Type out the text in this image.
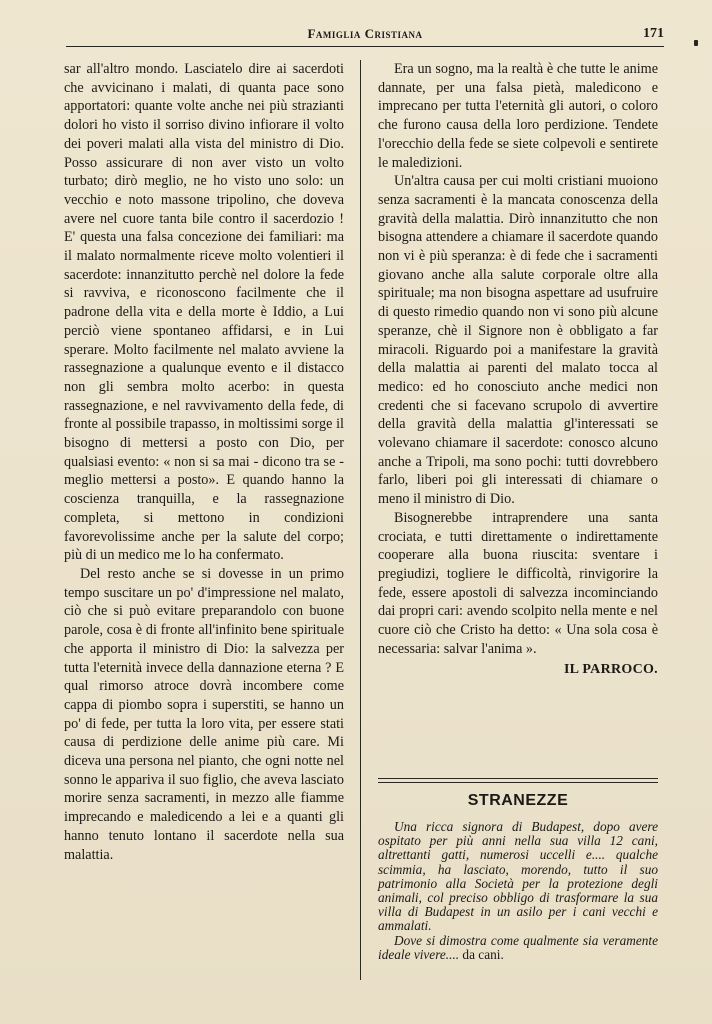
Famiglia Cristiana	171

sar all'altro mondo. Lasciatelo dire ai sacerdoti che avvicinano i malati, di quanta pace sono apportatori: quante volte anche nei più strazianti dolori ho visto il sorriso divino infiorare il volto dei poveri malati alla vista del ministro di Dio. Posso assicurare di non aver visto un volto turbato; dirò meglio, ne ho visto uno solo: un vecchio e noto massone tripolino, che doveva avere nel cuore tanta bile contro il sacerdozio ! E' questa una falsa concezione dei familiari: ma il malato normalmente riceve molto volentieri il sacerdote: innanzitutto perchè nel dolore la fede si ravviva, e riconoscono facilmente che il padrone della vita e della morte è Iddio, a Lui perciò viene spontaneo affidarsi, e in Lui sperare. Molto facilmente nel malato avviene la rassegnazione a qualunque evento e il distacco non gli sembra molto acerbo: in questa rassegnazione, e nel ravvivamento della fede, di fronte al possibile trapasso, in moltissimi sorge il bisogno di mettersi a posto con Dio, per qualsiasi evento: « non si sa mai - dicono tra se - meglio mettersi a posto». E quando hanno la coscienza tranquilla, e la rassegnazione completa, si mettono in condizioni favorevolissime anche per la salute del corpo; più di un medico me lo ha confermato.

Del resto anche se si dovesse in un primo tempo suscitare un po' d'impressione nel malato, ciò che si può evitare preparandolo con buone parole, cosa è di fronte all'infinito bene spirituale che apporta il ministro di Dio: la salvezza per tutta l'eternità invece della dannazione eterna ? E qual rimorso atroce dovrà incombere come cappa di piombo sopra i superstiti, se hanno un po' di fede, per tutta la loro vita, per essere stati causa di perdizione delle anime più care. Mi diceva una persona nel pianto, che ogni notte nel sonno le appariva il suo figlio, che aveva lasciato morire senza sacramenti, in mezzo alle fiamme imprecando e maledicendo a lei e a quanti gli hanno tenuto lontano il sacerdote nella sua malattia.

Era un sogno, ma la realtà è che tutte le anime dannate, per una falsa pietà, maledicono e imprecano per tutta l'eternità gli autori, o coloro che furono causa della loro perdizione. Tendete l'orecchio della fede se siete colpevoli e sentirete le maledizioni.

Un'altra causa per cui molti cristiani muoiono senza sacramenti è la mancata conoscenza della gravità della malattia. Dirò innanzitutto che non bisogna attendere a chiamare il sacerdote quando non vi è più speranza: è di fede che i sacramenti giovano anche alla salute corporale oltre alla spirituale; ma non bisogna aspettare ad usufruire di questo rimedio quando non vi sono più alcune speranze, chè il Signore non è obbligato a far miracoli. Riguardo poi a manifestare la gravità della malattia ai parenti del malato tocca al medico: ed ho conosciuto anche medici non credenti che si facevano scrupolo di avvertire della gravità della malattia gl'interessati se volevano chiamare il sacerdote: conosco alcuno anche a Tripoli, ma sono pochi: tutti dovrebbero farlo, liberi poi gli interessati di chiamare o meno il ministro di Dio.

Bisognerebbe intraprendere una santa crociata, e tutti direttamente o indirettamente cooperare alla buona riuscita: sventare i pregiudizi, togliere le difficoltà, rinvigorire la fede, essere apostoli di salvezza incominciando dai propri cari: avendo scolpito nella mente e nel cuore ciò che Cristo ha detto: « Una sola cosa è necessaria: salvar l'anima ».

IL PARROCO.
STRANEZZE

Una ricca signora di Budapest, dopo avere ospitato per più anni nella sua villa 12 cani, altrettanti gatti, numerosi uccelli e.... qualche scimmia, ha lasciato, morendo, tutto il suo patrimonio alla Società per la protezione degli animali, col preciso obbligo di trasformare la sua villa di Budapest in un asilo per i cani vecchi e ammalati.

Dove si dimostra come qualmente sia veramente ideale vivere.... da cani.
